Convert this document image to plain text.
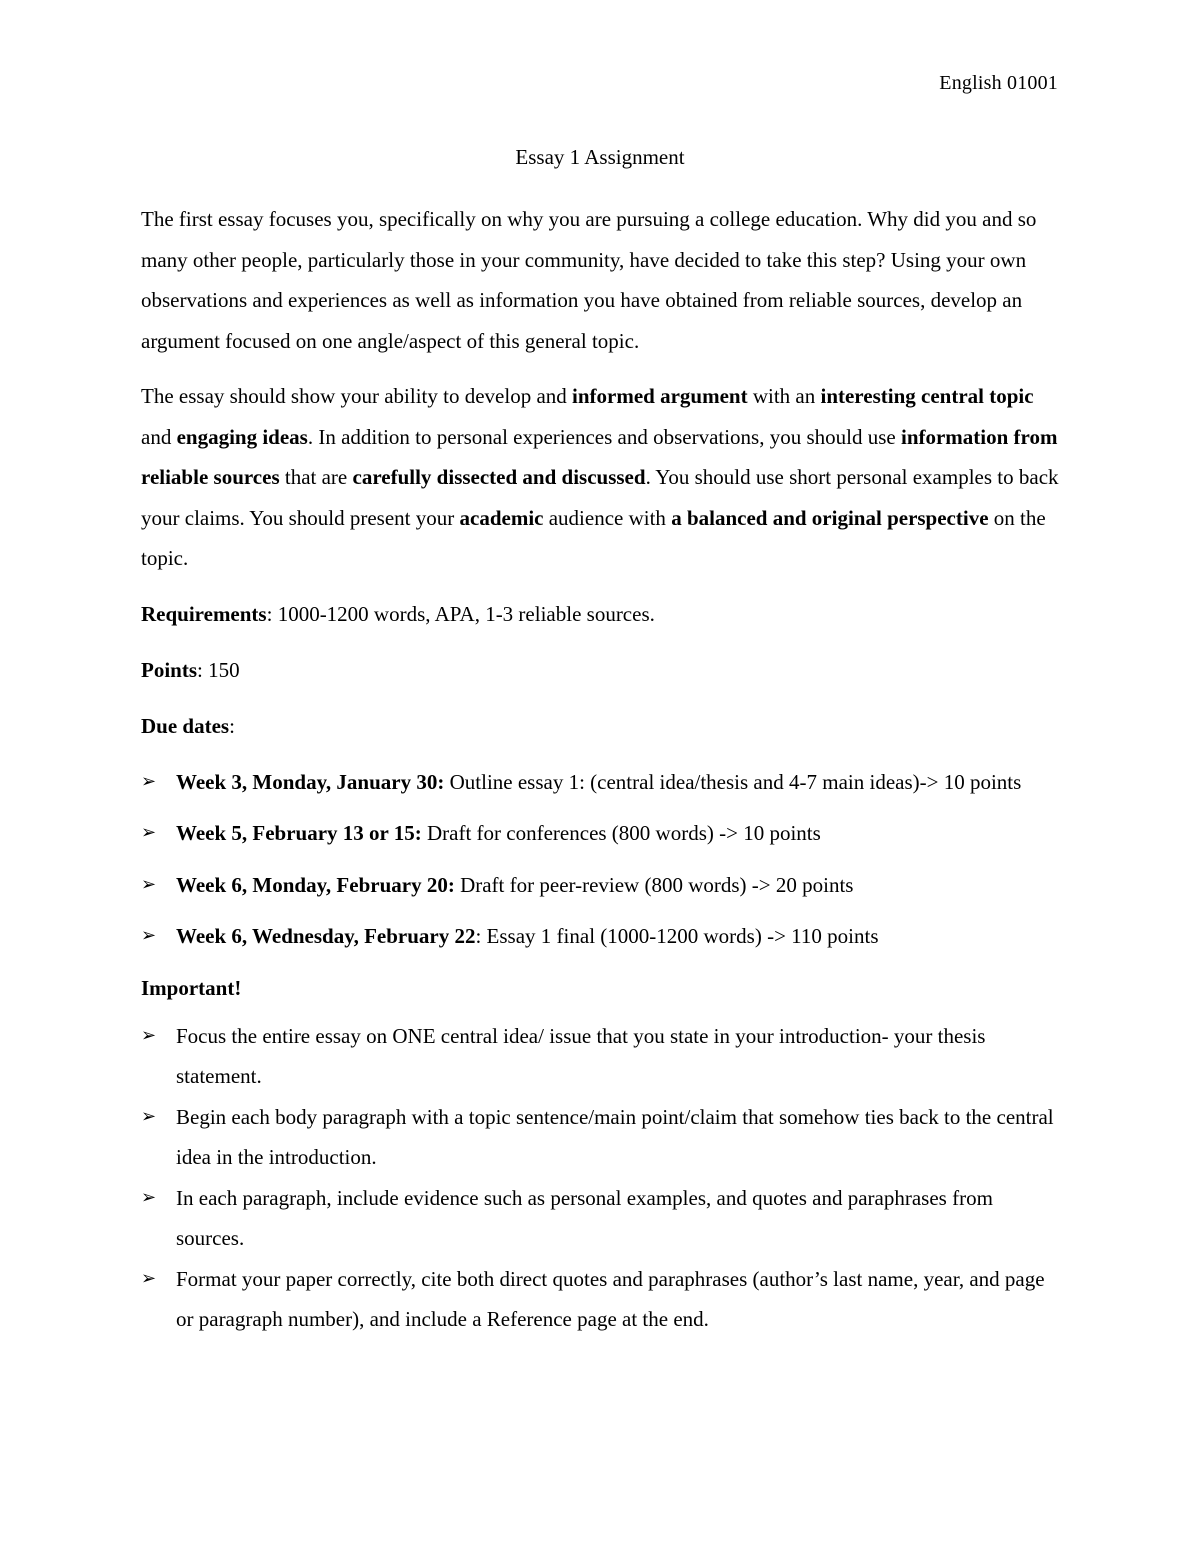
English 01001
Essay 1 Assignment

The first essay focuses you, specifically on why you are pursuing a college education. Why did you and so many other people, particularly those in your community, have decided to take this step? Using your own observations and experiences as well as information you have obtained from reliable sources, develop an argument focused on one angle/aspect of this general topic.

The essay should show your ability to develop and informed argument with an interesting central topic and engaging ideas. In addition to personal experiences and observations, you should use information from reliable sources that are carefully dissected and discussed. You should use short personal examples to back your claims. You should present your academic audience with a balanced and original perspective on the topic.

Requirements: 1000-1200 words, APA, 1-3 reliable sources.

Points: 150

Due dates:

➢ Week 3, Monday, January 30: Outline essay 1: (central idea/thesis and 4-7 main ideas)-> 10 points
➢ Week 5, February 13 or 15: Draft for conferences (800 words) -> 10 points
➢ Week 6, Monday, February 20: Draft for peer-review (800 words) -> 20 points
➢ Week 6, Wednesday, February 22: Essay 1 final (1000-1200 words) -> 110 points

Important!

➢ Focus the entire essay on ONE central idea/ issue that you state in your introduction- your thesis statement.
➢ Begin each body paragraph with a topic sentence/main point/claim that somehow ties back to the central idea in the introduction.
➢ In each paragraph, include evidence such as personal examples, and quotes and paraphrases from sources.
➢ Format your paper correctly, cite both direct quotes and paraphrases (author’s last name, year, and page or paragraph number), and include a Reference page at the end.
